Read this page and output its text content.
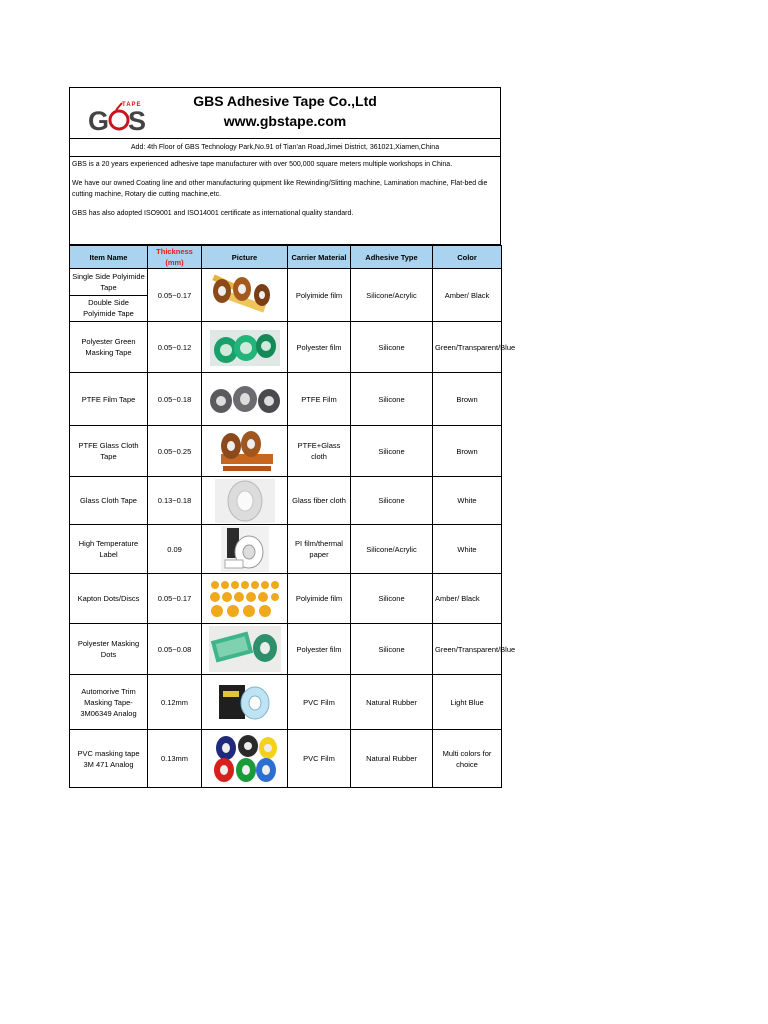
TAPE
G S
GBS Adhesive Tape Co.,Ltd
www.gbstape.com
Add: 4th Floor of GBS Technology Park,No.91 of Tian'an Road,Jimei District, 361021,Xiamen,China

GBS is a 20 years experienced adhesive tape manufacturer with over 500,000 square meters multiple workshops in China.

We have our owned Coating line and other manufacturing quipment like Rewinding/Slitting machine, Lamination machine, Flat-bed die cutting machine, Rotary die cutting machine,etc.

GBS has also adopted ISO9001 and ISO14001 certificate as international quality standard.

Item Name	Thickness (mm)	Picture	Carrier Material	Adhesive Type	Color

Single Side Polyimide Tape
Double Side Polyimide Tape	0.05~0.17		Polyimide film	Silicone/Acrylic	Amber/ Black
Polyester Green Masking Tape	0.05~0.12		Polyester film	Silicone	Green/Transparent/Blue
PTFE Film Tape	0.05~0.18		PTFE Film	Silicone	Brown
PTFE Glass Cloth Tape	0.05~0.25		PTFE+Glass cloth	Silicone	Brown
Glass Cloth Tape	0.13~0.18		Glass fiber cloth	Silicone	White
High Temperature Label	0.09		PI film/thermal paper	Silicone/Acrylic	White
Kapton Dots/Discs	0.05~0.17		Polyimide film	Silicone	Amber/ Black
Polyester Masking Dots	0.05~0.08		Polyester film	Silicone	Green/Transparent/Blue
Automorive Trim Masking Tape-3M06349 Analog	0.12mm		PVC Film	Natural Rubber	Light Blue
PVC masking tape 3M 471 Analog	0.13mm		PVC Film	Natural Rubber	Multi colors for choice
